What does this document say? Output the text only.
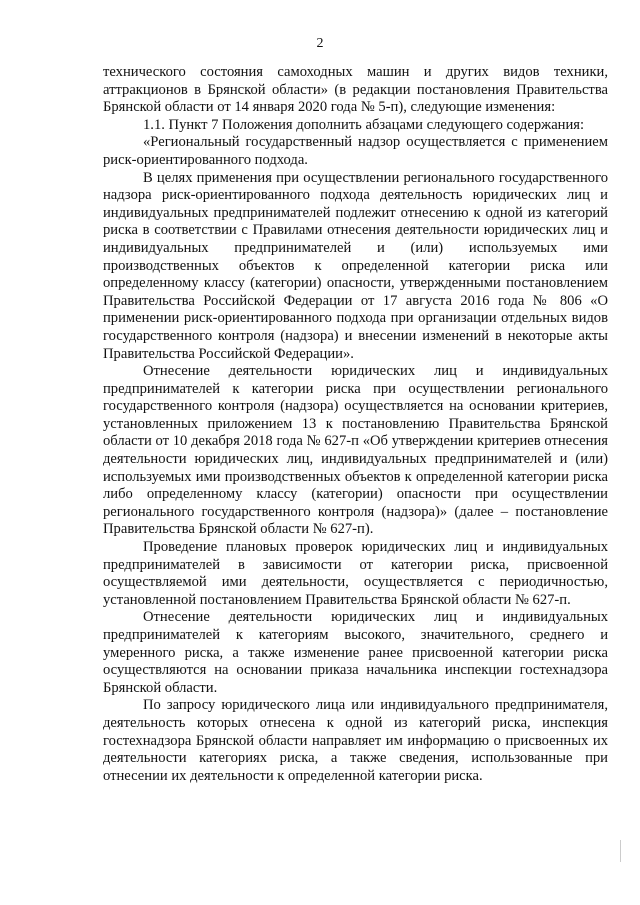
2

технического состояния самоходных машин и других видов техники, аттракционов в Брянской области» (в редакции постановления Правительства Брянской области от 14 января 2020 года № 5-п), следующие изменения:

1.1. Пункт 7 Положения дополнить абзацами следующего содержания:

«Региональный государственный надзор осуществляется с применением риск-ориентированного подхода.

В целях применения при осуществлении регионального государственного надзора риск-ориентированного подхода деятельность юридических лиц и индивидуальных предпринимателей подлежит отнесению к одной из категорий риска в соответствии с Правилами отнесения деятельности юридических лиц и индивидуальных предпринимателей и (или) используемых ими производственных объектов к определенной категории риска или определенному классу (категории) опасности, утвержденными постановлением Правительства Российской Федерации от 17 августа 2016 года № 806 «О применении риск-ориентированного подхода при организации отдельных видов государственного контроля (надзора) и внесении изменений в некоторые акты Правительства Российской Федерации».

Отнесение деятельности юридических лиц и индивидуальных предпринимателей к категории риска при осуществлении регионального государственного контроля (надзора) осуществляется на основании критериев, установленных приложением 13 к постановлению Правительства Брянской области от 10 декабря 2018 года № 627-п «Об утверждении критериев отнесения деятельности юридических лиц, индивидуальных предпринимателей и (или) используемых ими производственных объектов к определенной категории риска либо определенному классу (категории) опасности при осуществлении регионального государственного контроля (надзора)» (далее – постановление Правительства Брянской области № 627-п).

Проведение плановых проверок юридических лиц и индивидуальных предпринимателей в зависимости от категории риска, присвоенной осуществляемой ими деятельности, осуществляется с периодичностью, установленной постановлением Правительства Брянской области № 627-п.

Отнесение деятельности юридических лиц и индивидуальных предпринимателей к категориям высокого, значительного, среднего и умеренного риска, а также изменение ранее присвоенной категории риска осуществляются на основании приказа начальника инспекции гостехнадзора Брянской области.

По запросу юридического лица или индивидуального предпринимателя, деятельность которых отнесена к одной из категорий риска, инспекция гостехнадзора Брянской области направляет им информацию о присвоенных их деятельности категориях риска, а также сведения, использованные при отнесении их деятельности к определенной категории риска.
